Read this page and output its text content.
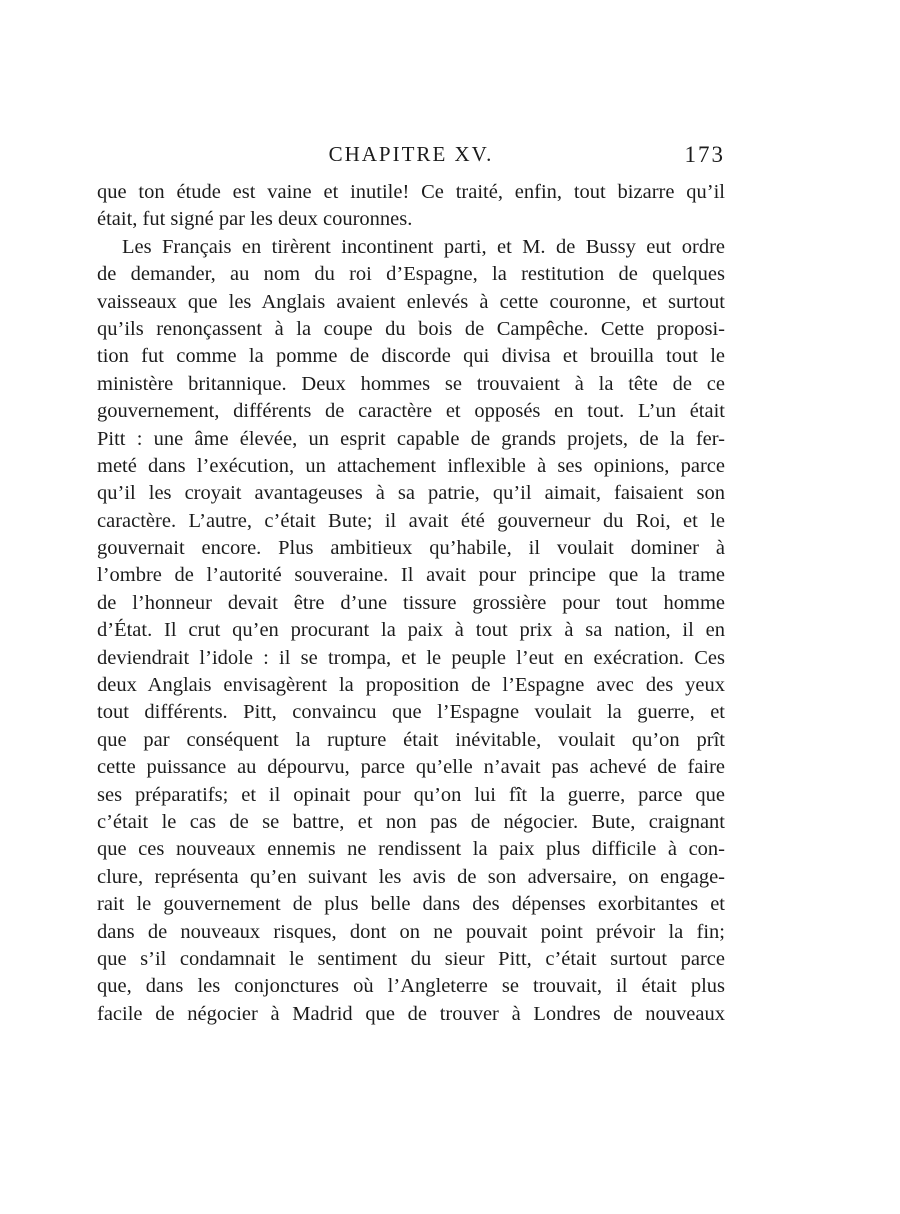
CHAPITRE XV.	173
que ton étude est vaine et inutile! Ce traité, enfin, tout bizarre qu’il
était, fut signé par les deux couronnes.
Les Français en tirèrent incontinent parti, et M. de Bussy eut ordre
de demander, au nom du roi d’Espagne, la restitution de quelques
vaisseaux que les Anglais avaient enlevés à cette couronne, et surtout
qu’ils renonçassent à la coupe du bois de Campêche. Cette proposi-
tion fut comme la pomme de discorde qui divisa et brouilla tout le
ministère britannique. Deux hommes se trouvaient à la tête de ce
gouvernement, différents de caractère et opposés en tout. L’un était
Pitt : une âme élevée, un esprit capable de grands projets, de la fer-
meté dans l’exécution, un attachement inflexible à ses opinions, parce
qu’il les croyait avantageuses à sa patrie, qu’il aimait, faisaient son
caractère. L’autre, c’était Bute; il avait été gouverneur du Roi, et le
gouvernait encore. Plus ambitieux qu’habile, il voulait dominer à
l’ombre de l’autorité souveraine. Il avait pour principe que la trame
de l’honneur devait être d’une tissure grossière pour tout homme
d’État. Il crut qu’en procurant la paix à tout prix à sa nation, il en
deviendrait l’idole : il se trompa, et le peuple l’eut en exécration. Ces
deux Anglais envisagèrent la proposition de l’Espagne avec des yeux
tout différents. Pitt, convaincu que l’Espagne voulait la guerre, et
que par conséquent la rupture était inévitable, voulait qu’on prît
cette puissance au dépourvu, parce qu’elle n’avait pas achevé de faire
ses préparatifs; et il opinait pour qu’on lui fît la guerre, parce que
c’était le cas de se battre, et non pas de négocier. Bute, craignant
que ces nouveaux ennemis ne rendissent la paix plus difficile à con-
clure, représenta qu’en suivant les avis de son adversaire, on engage-
rait le gouvernement de plus belle dans des dépenses exorbitantes et
dans de nouveaux risques, dont on ne pouvait point prévoir la fin;
que s’il condamnait le sentiment du sieur Pitt, c’était surtout parce
que, dans les conjonctures où l’Angleterre se trouvait, il était plus
facile de négocier à Madrid que de trouver à Londres de nouveaux
